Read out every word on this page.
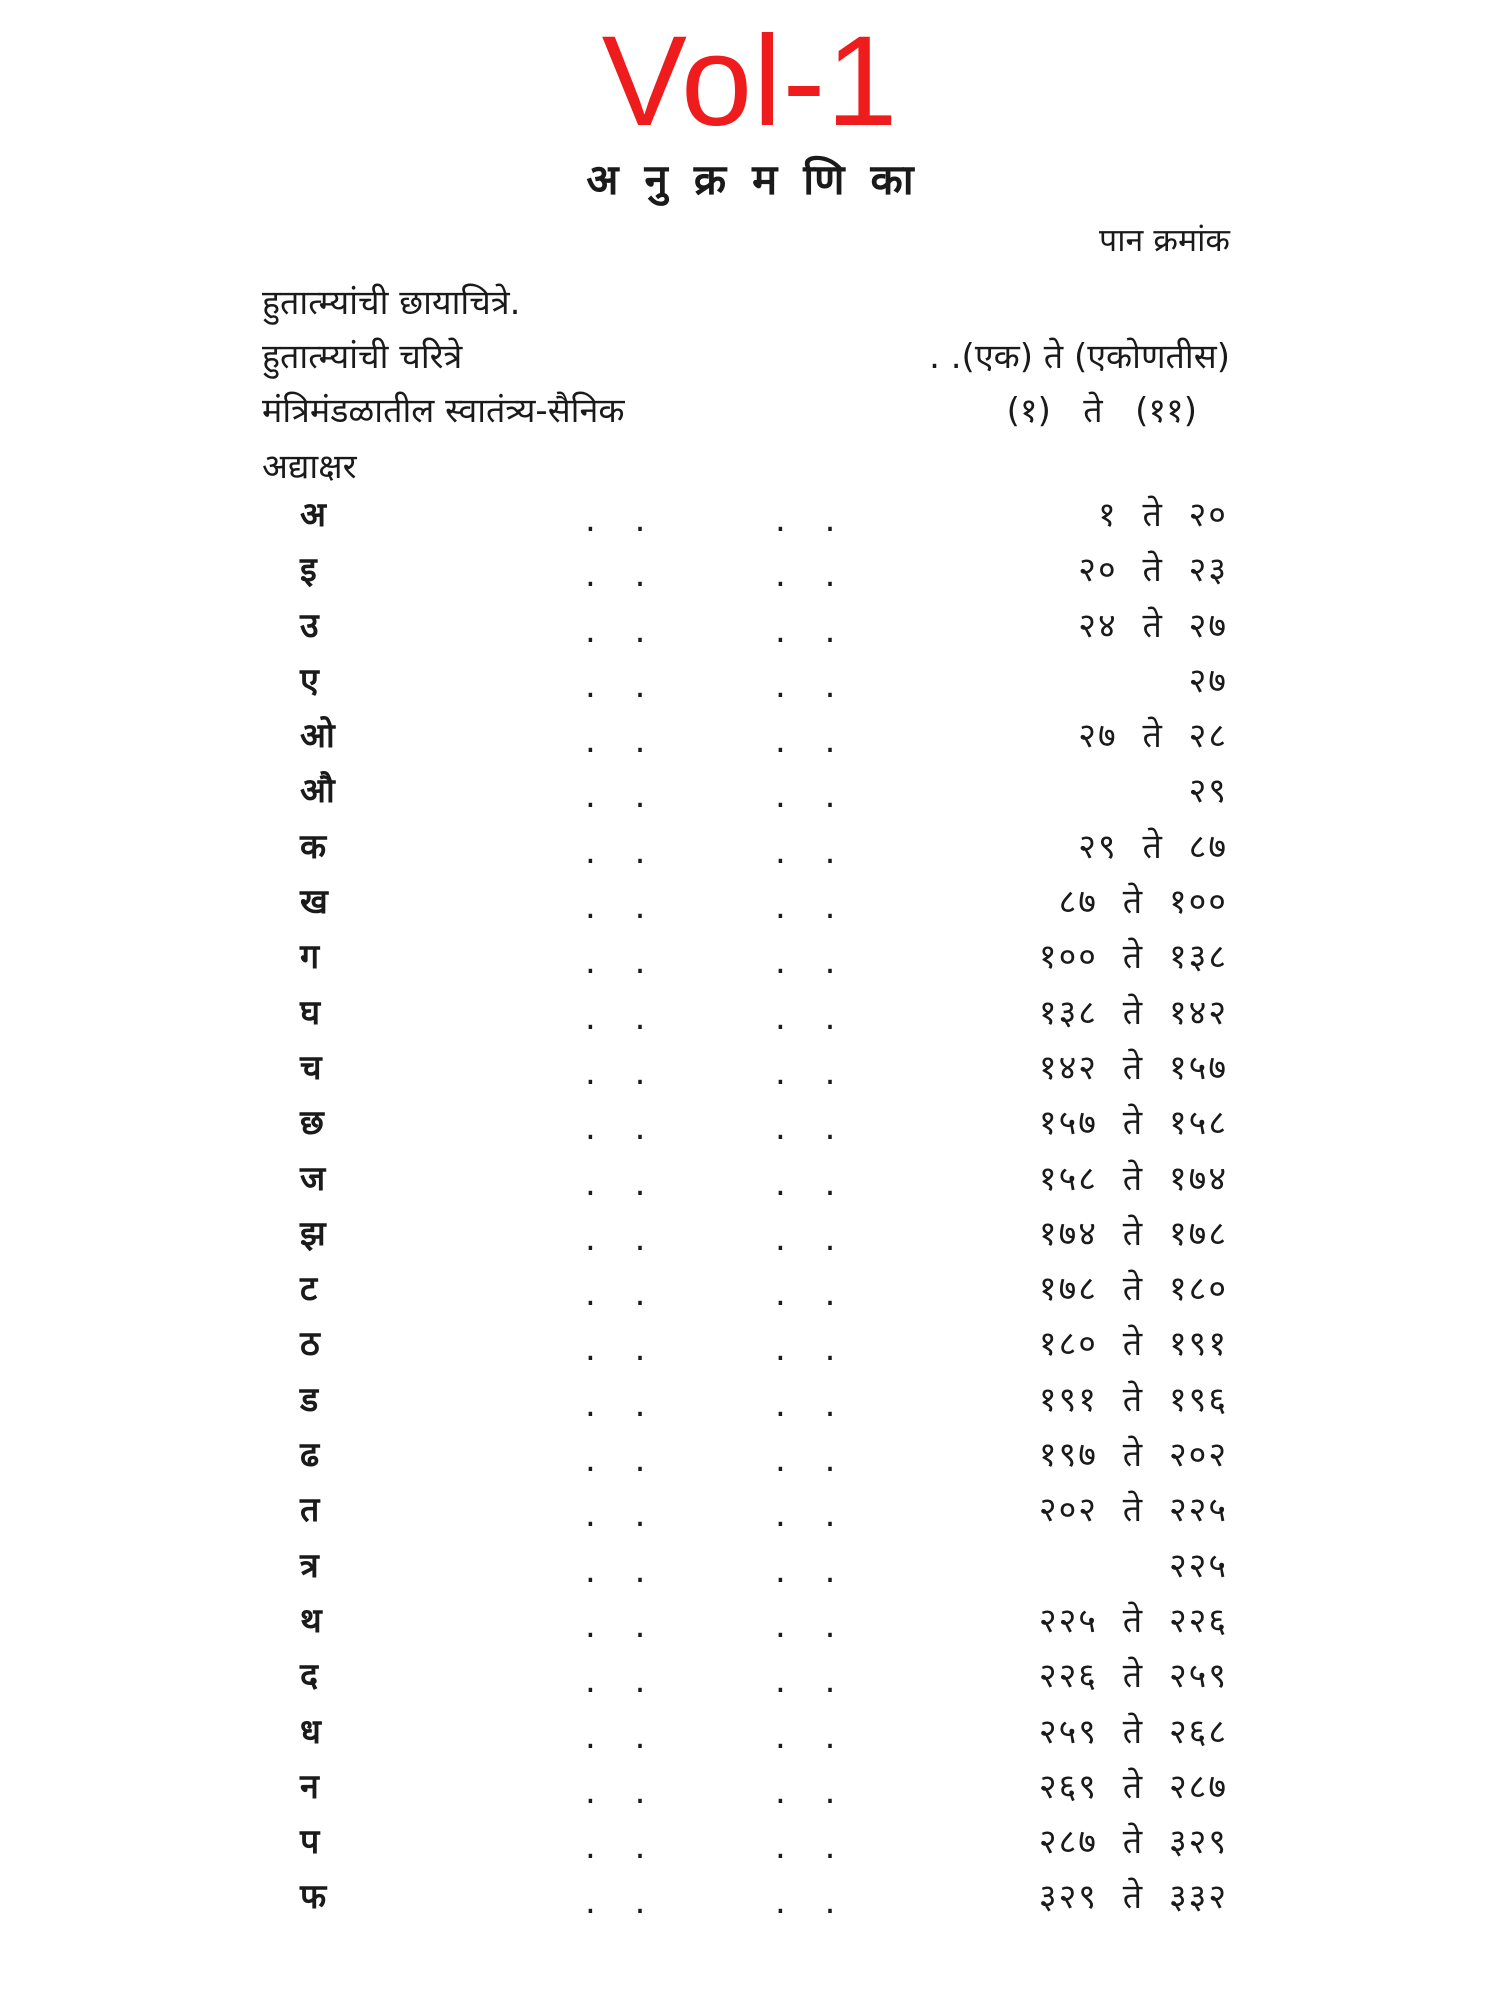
Vol-1
अ नु क्र म णि का
पान क्रमांक
हुतात्म्यांची छायाचित्रे.
हुतात्म्यांची चरित्रे	. .(एक) ते (एकोणतीस)
मंत्रिमंडळातील स्वातंत्र्य-सैनिक	(१)   ते   (११)
अद्याक्षर
अ	. .	. .	१ ते २०
इ	. .	. .	२० ते २३
उ	. .	. .	२४ ते २७
ए	. .	. .	२७
ओ	. .	. .	२७ ते २८
औ	. .	. .	२९
क	. .	. .	२९ ते ८७
ख	. .	. .	८७ ते १००
ग	. .	. .	१०० ते १३८
घ	. .	. .	१३८ ते १४२
च	. .	. .	१४२ ते १५७
छ	. .	. .	१५७ ते १५८
ज	. .	. .	१५८ ते १७४
झ	. .	. .	१७४ ते १७८
ट	. .	. .	१७८ ते १८०
ठ	. .	. .	१८० ते १९१
ड	. .	. .	१९१ ते १९६
ढ	. .	. .	१९७ ते २०२
त	. .	. .	२०२ ते २२५
त्र	. .	. .	२२५
थ	. .	. .	२२५ ते २२६
द	. .	. .	२२६ ते २५९
ध	. .	. .	२५९ ते २६८
न	. .	. .	२६९ ते २८७
प	. .	. .	२८७ ते ३२९
फ	. .	. .	३२९ ते ३३२
